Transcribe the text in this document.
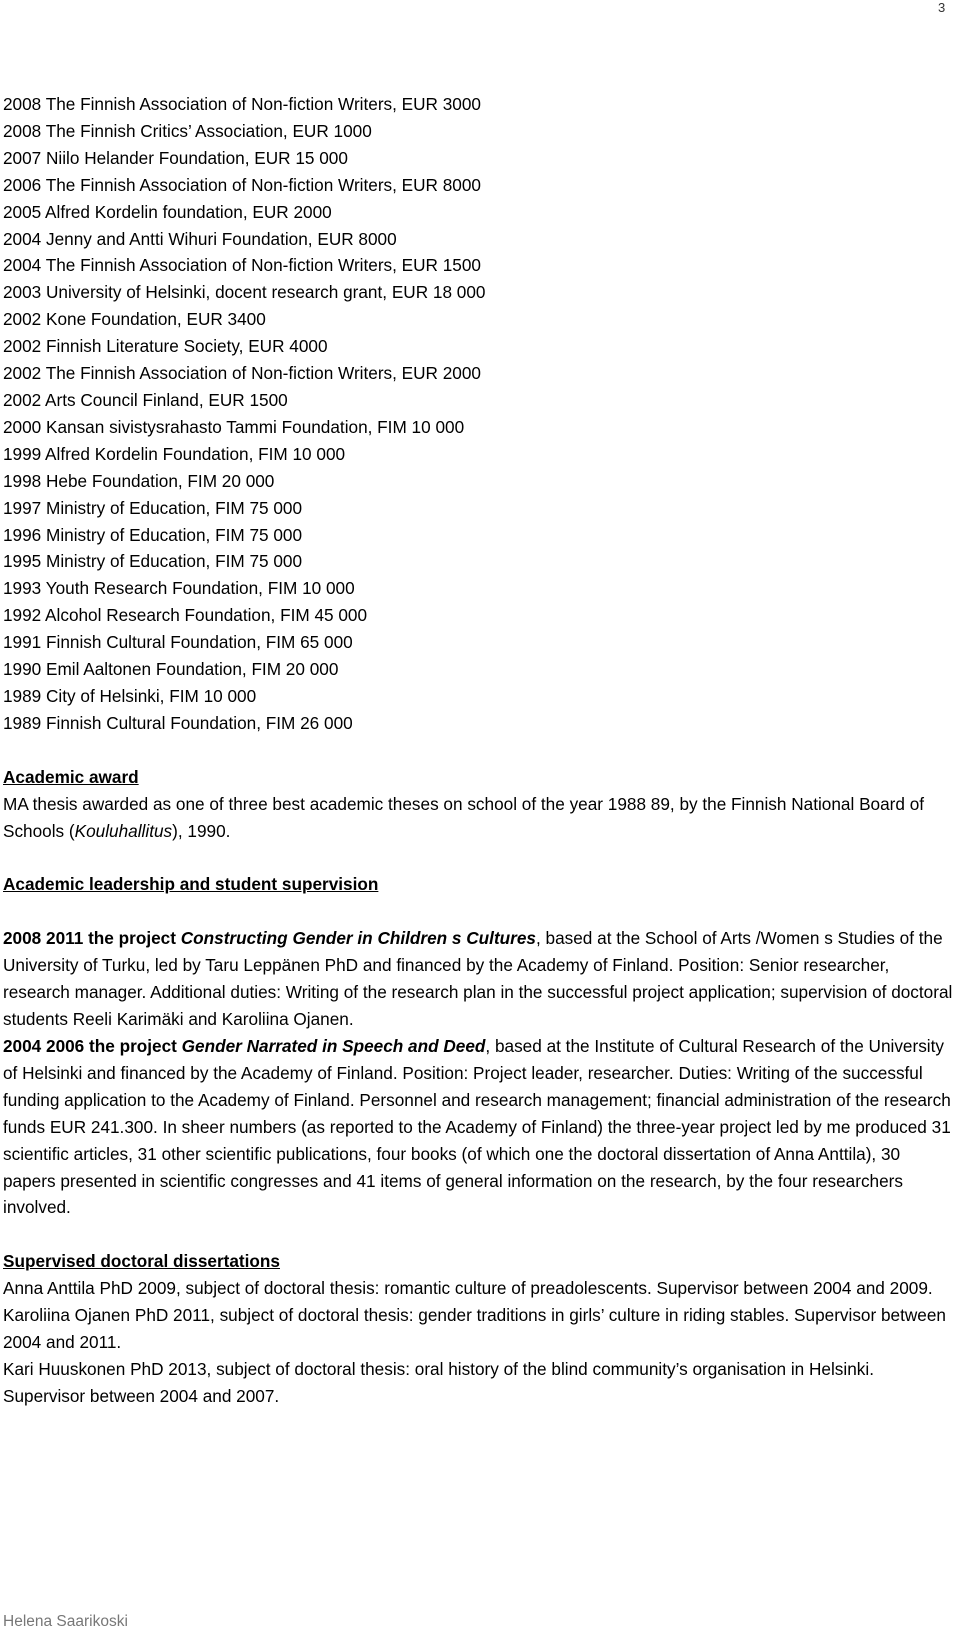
3

2008 The Finnish Association of Non-fiction Writers, EUR 3000

2008 The Finnish Critics’ Association, EUR 1000

2007 Niilo Helander Foundation, EUR 15 000

2006 The Finnish Association of Non-fiction Writers, EUR 8000

2005 Alfred Kordelin foundation, EUR 2000

2004 Jenny and Antti Wihuri Foundation, EUR 8000

2004 The Finnish Association of Non-fiction Writers, EUR 1500

2003 University of Helsinki, docent research grant, EUR 18 000

2002 Kone Foundation, EUR 3400

2002 Finnish Literature Society, EUR 4000

2002 The Finnish Association of Non-fiction Writers, EUR 2000

2002 Arts Council Finland, EUR 1500

2000 Kansan sivistysrahasto Tammi Foundation, FIM 10 000

1999 Alfred Kordelin Foundation, FIM 10 000

1998 Hebe Foundation, FIM 20 000

1997 Ministry of Education, FIM 75 000

1996 Ministry of Education, FIM 75 000

1995 Ministry of Education, FIM 75 000

1993 Youth Research Foundation, FIM 10 000

1992 Alcohol Research Foundation, FIM 45 000

1991 Finnish Cultural Foundation, FIM 65 000

1990 Emil Aaltonen Foundation, FIM 20 000

1989 City of Helsinki, FIM 10 000

1989 Finnish Cultural Foundation, FIM 26 000

Academic award

MA thesis awarded as one of three best academic theses on school of the year 1988 89, by the Finnish National Board of Schools (Kouluhallitus), 1990.

Academic leadership and student supervision

2008 2011 the project Constructing Gender in Children s Cultures, based at the School of Arts /Women s Studies of the University of Turku, led by Taru Leppänen PhD and financed by the Academy of Finland. Position: Senior researcher, research manager. Additional duties: Writing of the research plan in the successful project application; supervision of doctoral students Reeli Karimäki and Karoliina Ojanen.

2004 2006 the project Gender Narrated in Speech and Deed, based at the Institute of Cultural Research of the University of Helsinki and financed by the Academy of Finland. Position: Project leader, researcher. Duties: Writing of the successful funding application to the Academy of Finland. Personnel and research management; financial administration of the research funds EUR 241.300. In sheer numbers (as reported to the Academy of Finland) the three-year project led by me produced 31 scientific articles, 31 other scientific publications, four books (of which one the doctoral dissertation of Anna Anttila), 30 papers presented in scientific congresses and 41 items of general information on the research, by the four researchers involved.

Supervised doctoral dissertations

Anna Anttila PhD 2009, subject of doctoral thesis: romantic culture of preadolescents. Supervisor between 2004 and 2009.

Karoliina Ojanen PhD 2011, subject of doctoral thesis: gender traditions in girls’ culture in riding stables. Supervisor between 2004 and 2011.

Kari Huuskonen PhD 2013, subject of doctoral thesis: oral history of the blind community’s organisation in Helsinki. Supervisor between 2004 and 2007.

Helena Saarikoski
